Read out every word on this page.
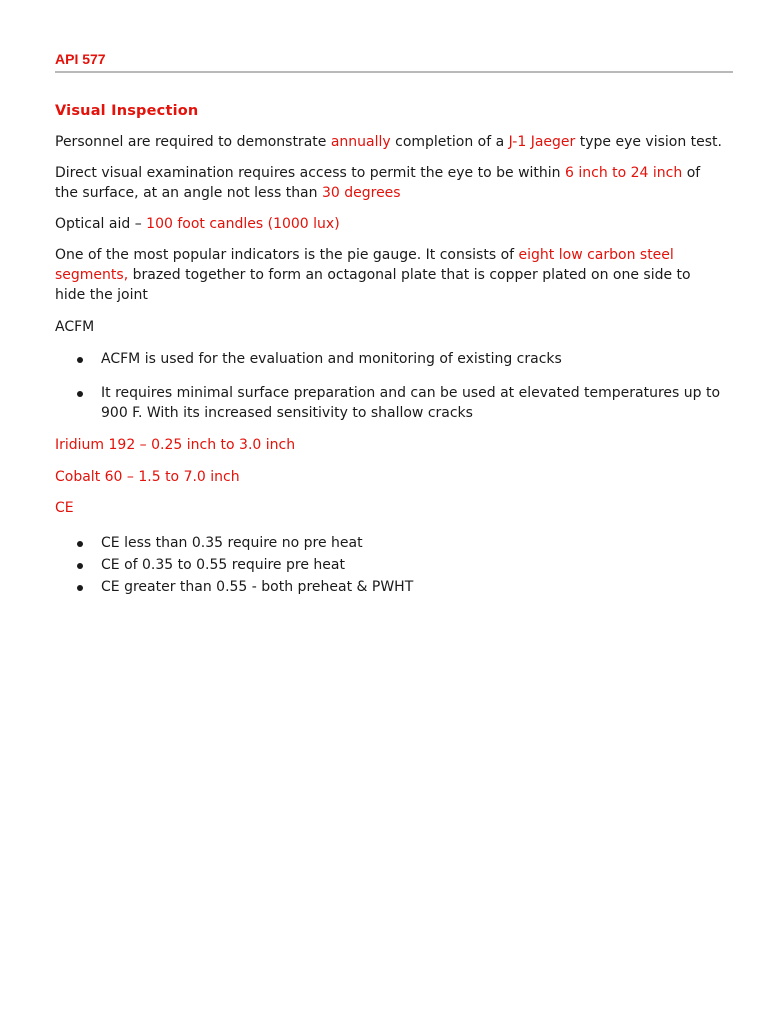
API 577
Visual Inspection

Personnel are required to demonstrate annually completion of a J-1 Jaeger type eye vision test.

Direct visual examination requires access to permit the eye to be within 6 inch to 24 inch of the surface, at an angle not less than 30 degrees

Optical aid – 100 foot candles (1000 lux)

One of the most popular indicators is the pie gauge. It consists of eight low carbon steel segments, brazed together to form an octagonal plate that is copper plated on one side to hide the joint

ACFM

ACFM is used for the evaluation and monitoring of existing cracks
It requires minimal surface preparation and can be used at elevated temperatures up to 900 F. With its increased sensitivity to shallow cracks

Iridium 192 – 0.25 inch to 3.0 inch

Cobalt 60 – 1.5 to 7.0 inch

CE

CE less than 0.35 require no pre heat
CE of 0.35 to 0.55 require pre heat
CE greater than 0.55 - both preheat & PWHT
